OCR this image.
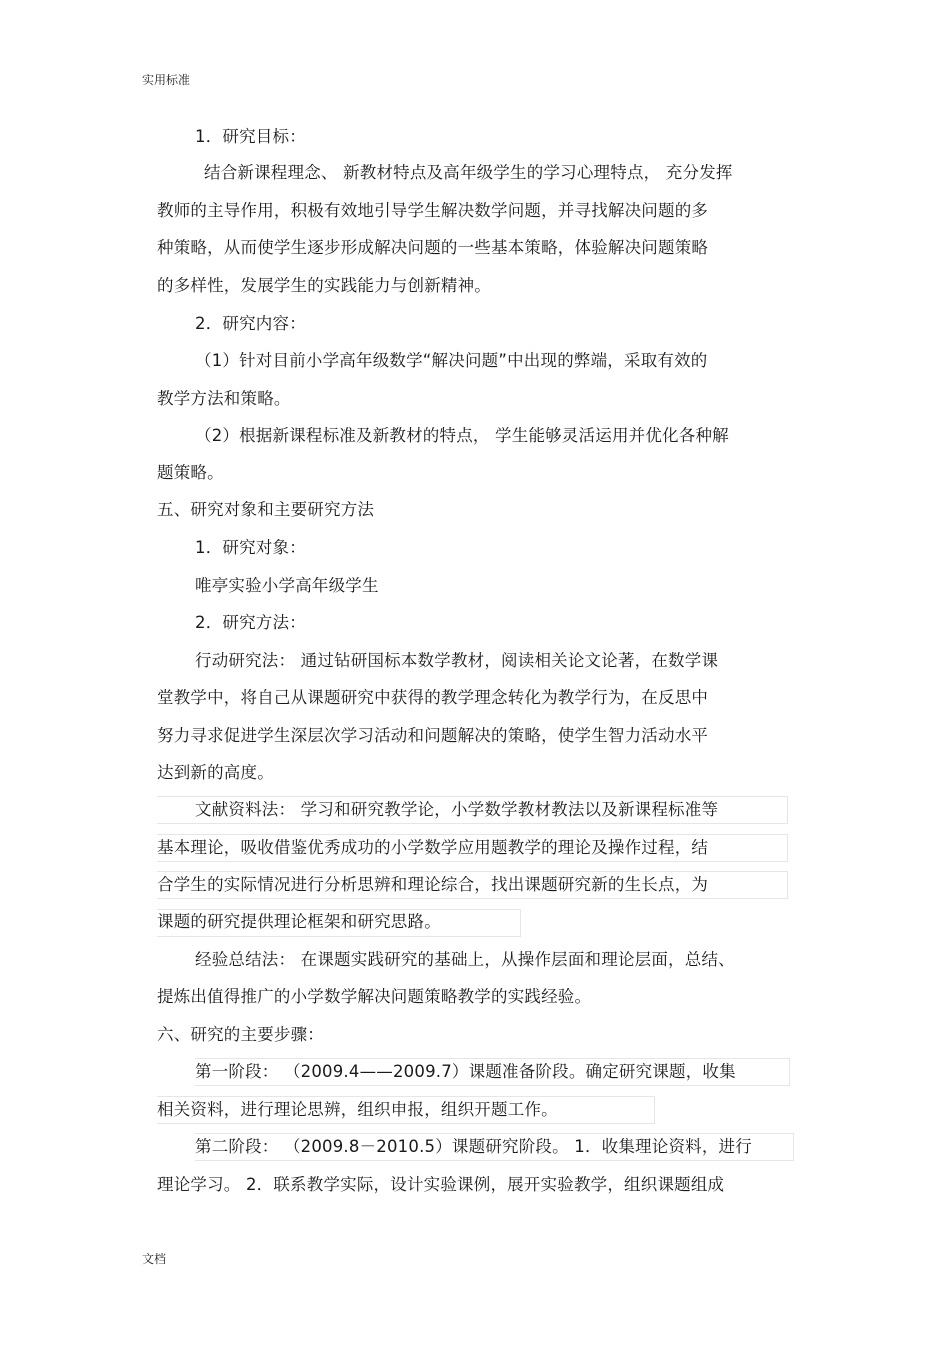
实用标准
1．研究目标：
结合新课程理念、 新教材特点及高年级学生的学习心理特点， 充分发挥
教师的主导作用，积极有效地引导学生解决数学问题，并寻找解决问题的多
种策略，从而使学生逐步形成解决问题的一些基本策略，体验解决问题策略
的多样性，发展学生的实践能力与创新精神。
2．研究内容：
（1）针对目前小学高年级数学“解决问题”中出现的弊端，采取有效的
教学方法和策略。
（2）根据新课程标准及新教材的特点， 学生能够灵活运用并优化各种解
题策略。
五、研究对象和主要研究方法
1．研究对象：
唯亭实验小学高年级学生
2．研究方法：
行动研究法： 通过钻研国标本数学教材，阅读相关论文论著，在数学课
堂教学中，将自己从课题研究中获得的教学理念转化为教学行为，在反思中
努力寻求促进学生深层次学习活动和问题解决的策略，使学生智力活动水平
达到新的高度。
文献资料法： 学习和研究教学论，小学数学教材教法以及新课程标准等
基本理论，吸收借鉴优秀成功的小学数学应用题教学的理论及操作过程，结
合学生的实际情况进行分析思辨和理论综合，找出课题研究新的生长点，为
课题的研究提供理论框架和研究思路。
经验总结法： 在课题实践研究的基础上，从操作层面和理论层面，总结、
提炼出值得推广的小学数学解决问题策略教学的实践经验。
六、研究的主要步骤：
第一阶段： （2009.4——2009.7）课题准备阶段。确定研究课题，收集
相关资料，进行理论思辨，组织申报，组织开题工作。
第二阶段： （2009.8－2010.5）课题研究阶段。 1．收集理论资料，进行
理论学习。 2．联系教学实际，设计实验课例，展开实验教学，组织课题组成
文档
